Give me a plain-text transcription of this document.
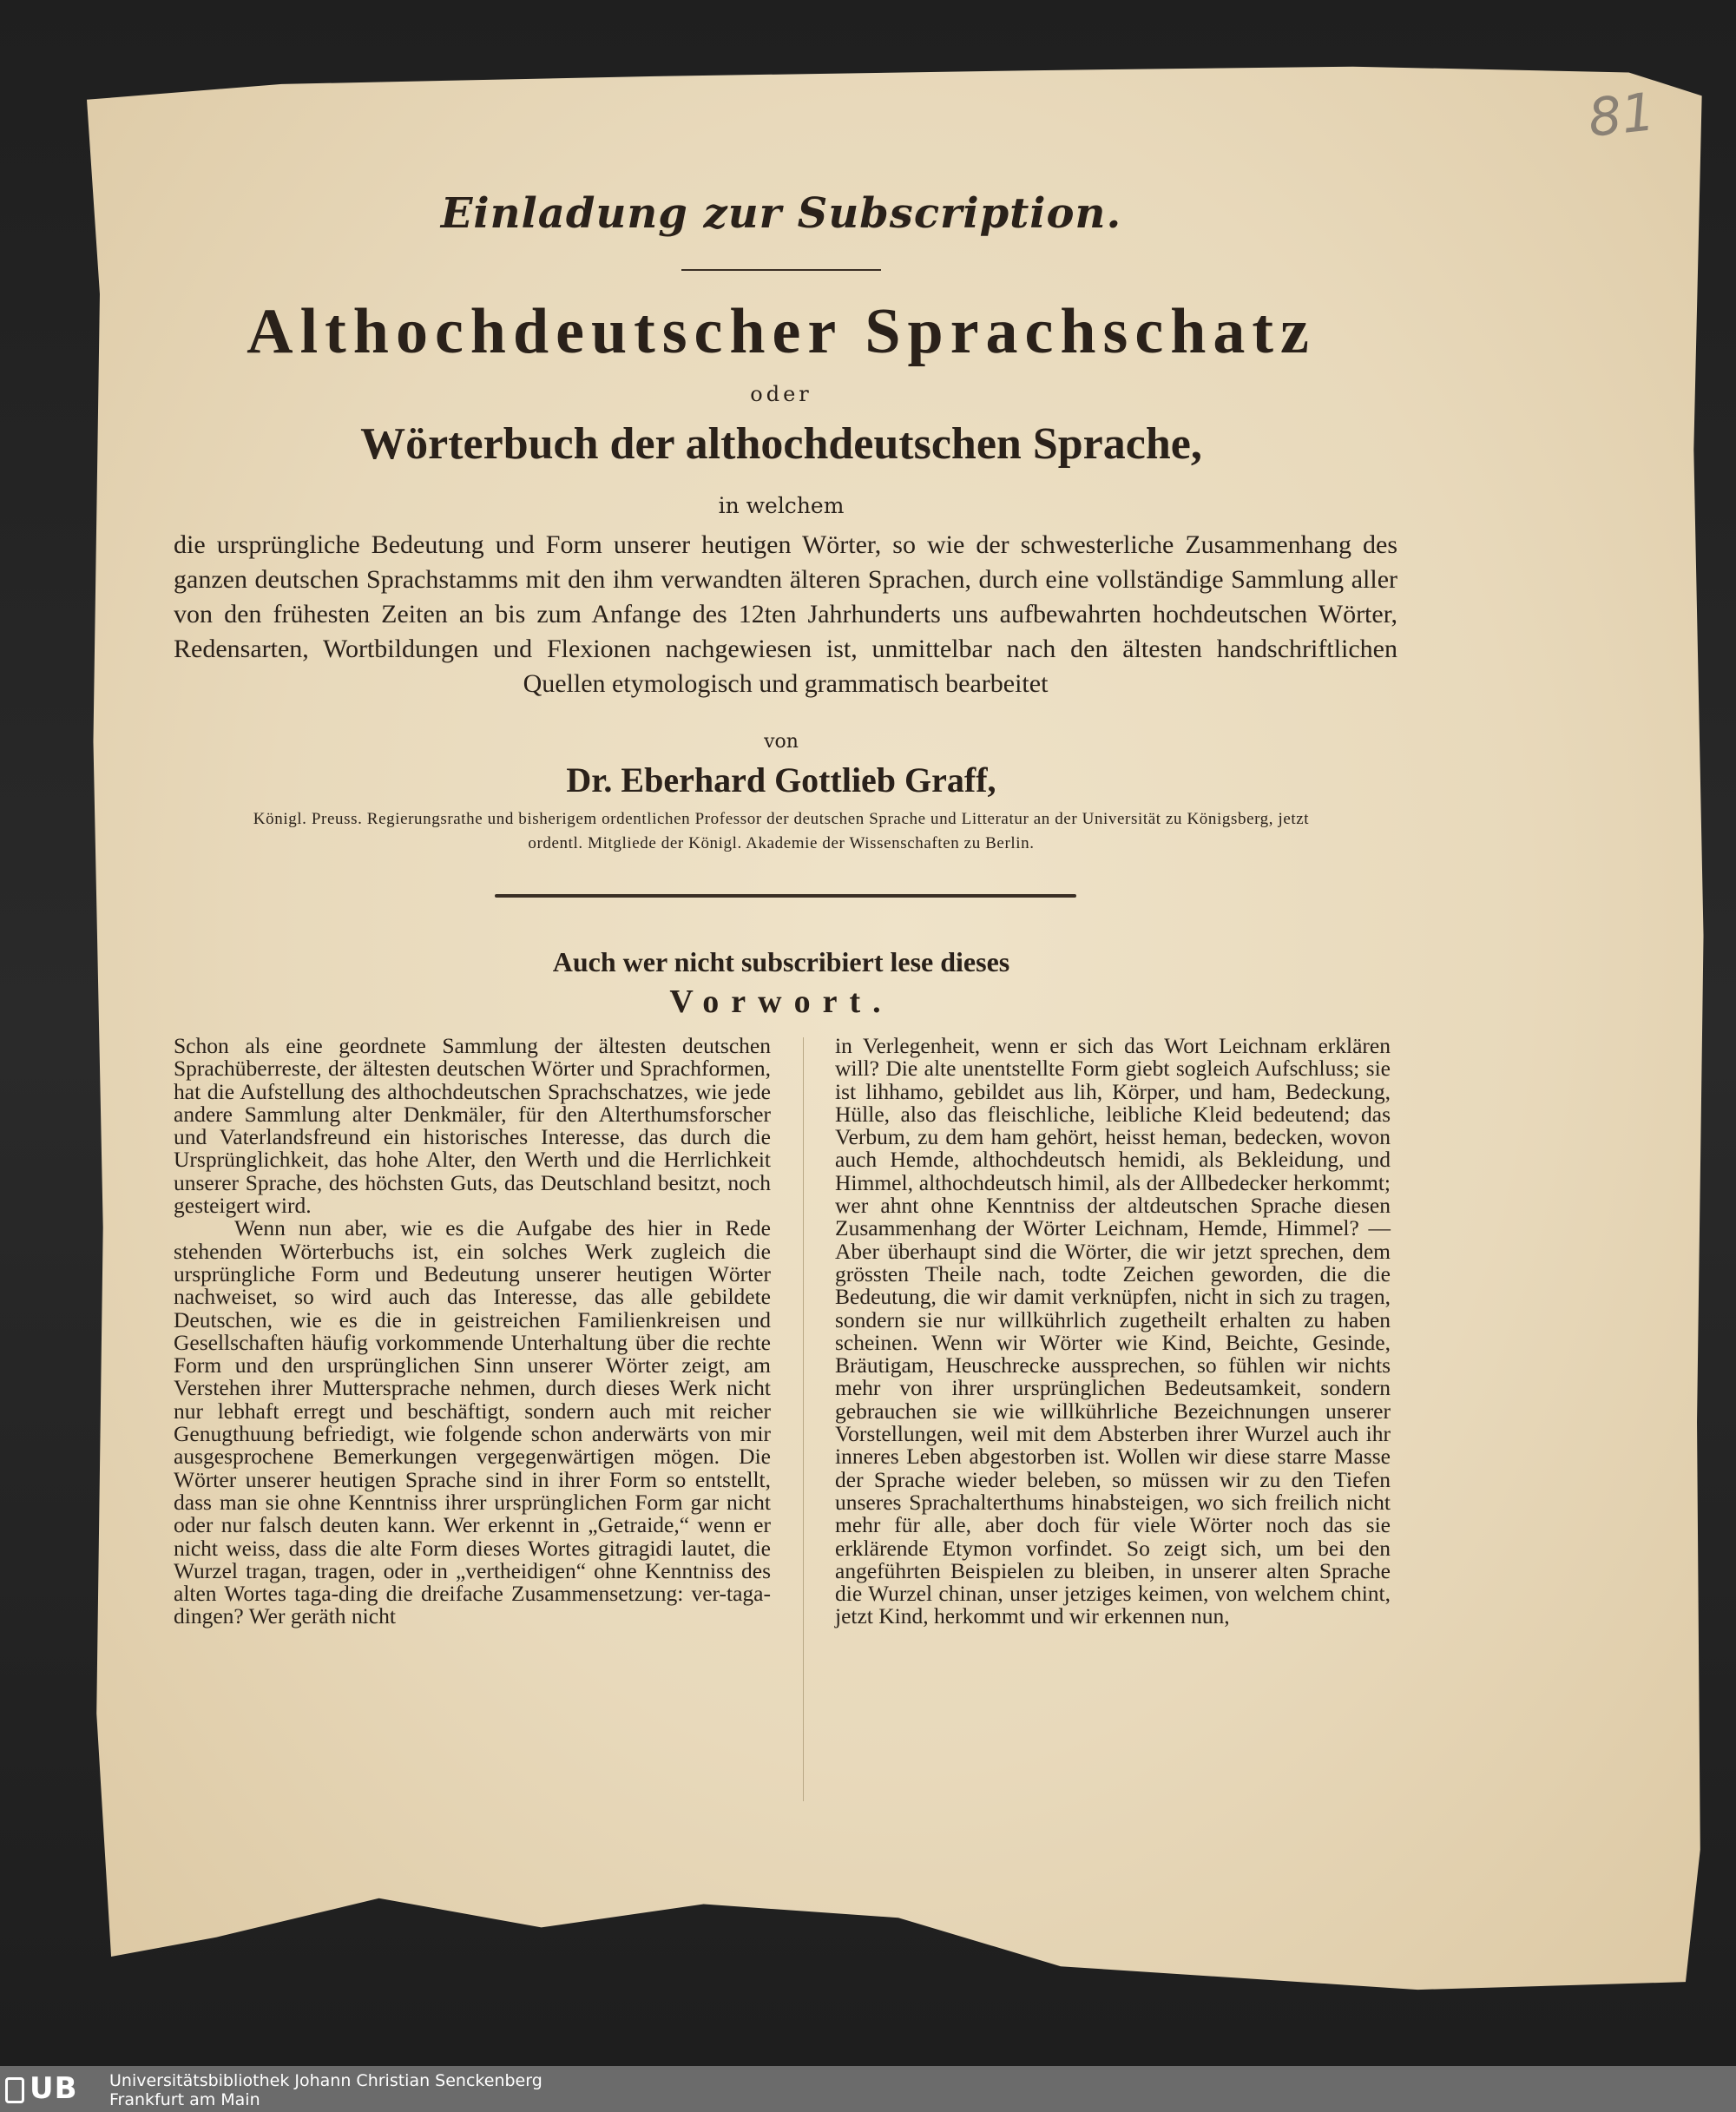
81
Einladung zur Subscription.
Althochdeutscher Sprachschatz
oder
Wörterbuch der althochdeutschen Sprache,
in welchem
die ursprüngliche Bedeutung und Form unserer heutigen Wörter, so wie der schwesterliche Zusammenhang des ganzen deutschen Sprachstamms mit den ihm verwandten älteren Sprachen, durch eine vollständige Sammlung aller von den frühesten Zeiten an bis zum Anfange des 12ten Jahrhunderts uns aufbewahrten hochdeutschen Wörter, Redensarten, Wortbildungen und Flexionen nachgewiesen ist, unmittelbar nach den ältesten handschriftlichen Quellen etymologisch und grammatisch bearbeitet
von
Dr. Eberhard Gottlieb Graff,
Königl. Preuss. Regierungsrathe und bisherigem ordentlichen Professor der deutschen Sprache und Litteratur an der Universität zu Königsberg, jetzt ordentl. Mitgliede der Königl. Akademie der Wissenschaften zu Berlin.
Auch wer nicht subscribiert lese dieses
Vorwort.

Schon als eine geordnete Sammlung der ältesten deutschen Sprachüberreste, der ältesten deutschen Wörter und Sprachformen, hat die Aufstellung des althochdeutschen Sprachschatzes, wie jede andere Sammlung alter Denkmäler, für den Alterthumsforscher und Vaterlandsfreund ein historisches Interesse, das durch die Ursprünglichkeit, das hohe Alter, den Werth und die Herrlichkeit unserer Sprache, des höchsten Guts, das Deutschland besitzt, noch gesteigert wird.

Wenn nun aber, wie es die Aufgabe des hier in Rede stehenden Wörterbuchs ist, ein solches Werk zugleich die ursprüngliche Form und Bedeutung unserer heutigen Wörter nachweiset, so wird auch das Interesse, das alle gebildete Deutschen, wie es die in geistreichen Familienkreisen und Gesellschaften häufig vorkommende Unterhaltung über die rechte Form und den ursprünglichen Sinn unserer Wörter zeigt, am Verstehen ihrer Muttersprache nehmen, durch dieses Werk nicht nur lebhaft erregt und beschäftigt, sondern auch mit reicher Genugthuung befriedigt, wie folgende schon anderwärts von mir ausgesprochene Bemerkungen vergegenwärtigen mögen. Die Wörter unserer heutigen Sprache sind in ihrer Form so entstellt, dass man sie ohne Kenntniss ihrer ursprünglichen Form gar nicht oder nur falsch deuten kann. Wer erkennt in „Getraide,“ wenn er nicht weiss, dass die alte Form dieses Wortes gitragidi lautet, die Wurzel tragan, tragen, oder in „vertheidigen“ ohne Kenntniss des alten Wortes taga-ding die dreifache Zusammensetzung: ver-taga-dingen? Wer geräth nicht

in Verlegenheit, wenn er sich das Wort Leichnam erklären will? Die alte unentstellte Form giebt sogleich Aufschluss; sie ist lihhamo, gebildet aus lih, Körper, und ham, Bedeckung, Hülle, also das fleischliche, leibliche Kleid bedeutend; das Verbum, zu dem ham gehört, heisst heman, bedecken, wovon auch Hemde, althochdeutsch hemidi, als Bekleidung, und Himmel, althochdeutsch himil, als der Allbedecker herkommt; wer ahnt ohne Kenntniss der altdeutschen Sprache diesen Zusammenhang der Wörter Leichnam, Hemde, Himmel? — Aber überhaupt sind die Wörter, die wir jetzt sprechen, dem grössten Theile nach, todte Zeichen geworden, die die Bedeutung, die wir damit verknüpfen, nicht in sich zu tragen, sondern sie nur willkührlich zugetheilt erhalten zu haben scheinen. Wenn wir Wörter wie Kind, Beichte, Gesinde, Bräutigam, Heuschrecke aussprechen, so fühlen wir nichts mehr von ihrer ursprünglichen Bedeutsamkeit, sondern gebrauchen sie wie willkührliche Bezeichnungen unserer Vorstellungen, weil mit dem Absterben ihrer Wurzel auch ihr inneres Leben abgestorben ist. Wollen wir diese starre Masse der Sprache wieder beleben, so müssen wir zu den Tiefen unseres Sprachalterthums hinabsteigen, wo sich freilich nicht mehr für alle, aber doch für viele Wörter noch das sie erklärende Etymon vorfindet. So zeigt sich, um bei den angeführten Beispielen zu bleiben, in unserer alten Sprache die Wurzel chinan, unser jetziges keimen, von welchem chint, jetzt Kind, herkommt und wir erkennen nun,

UB	Universitätsbibliothek Johann Christian Senckenberg
Frankfurt am Main
